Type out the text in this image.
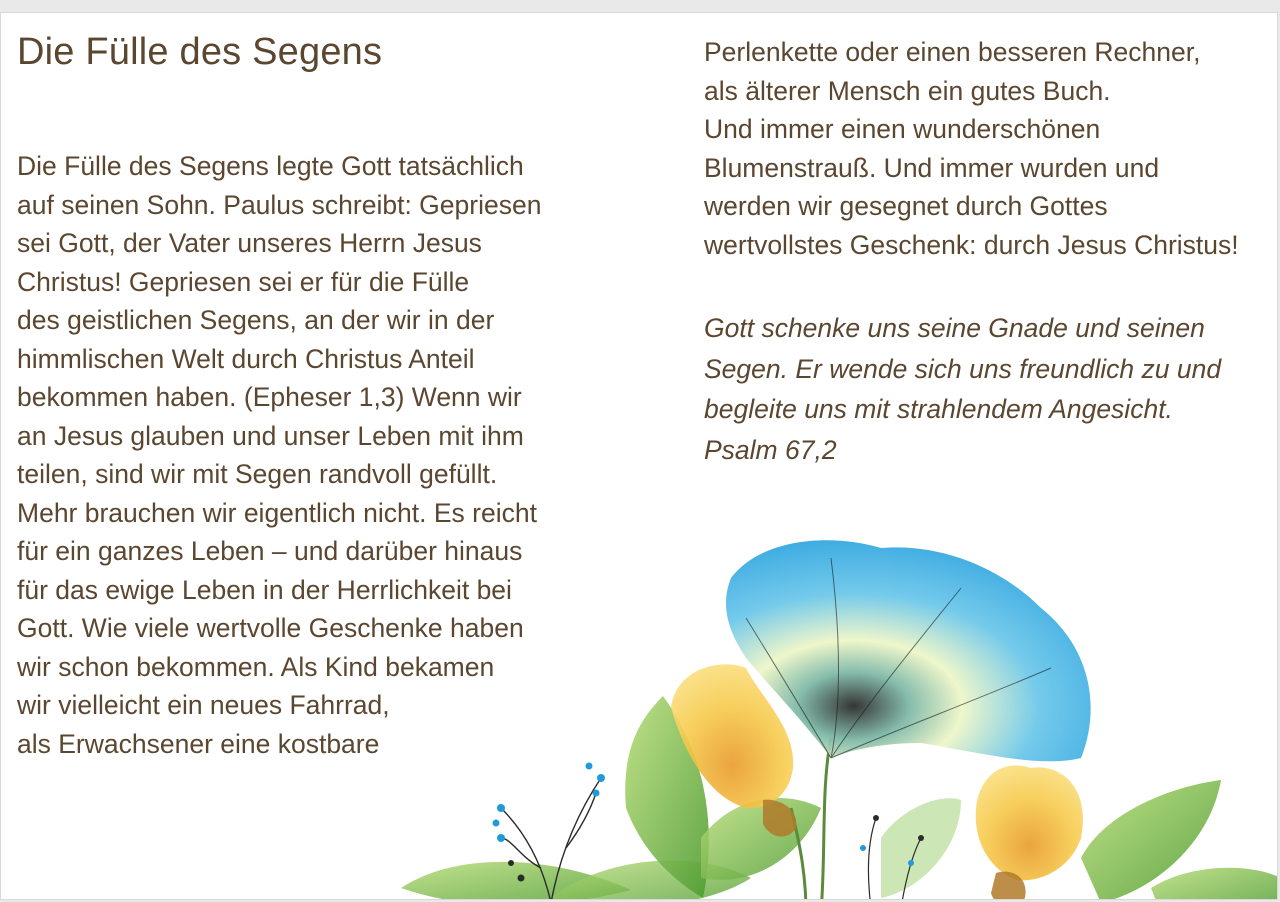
Die Fülle des Segens
Die Fülle des Segens legte Gott tatsächlich
auf seinen Sohn. Paulus schreibt: Gepriesen
sei Gott, der Vater unseres Herrn Jesus
Christus! Gepriesen sei er für die Fülle
des geistlichen Segens, an der wir in der
himmlischen Welt durch Christus Anteil
bekommen haben. (Epheser 1,3) Wenn wir
an Jesus glauben und unser Leben mit ihm
teilen, sind wir mit Segen randvoll gefüllt.
Mehr brauchen wir eigentlich nicht. Es reicht
für ein ganzes Leben – und darüber hinaus
für das ewige Leben in der Herrlichkeit bei
Gott. Wie viele wertvolle Geschenke haben
wir schon bekommen. Als Kind bekamen
wir vielleicht ein neues Fahrrad,
als Erwachsener eine kostbare
Perlenkette oder einen besseren Rechner,
als älterer Mensch ein gutes Buch.
Und immer einen wunderschönen
Blumenstrauß. Und immer wurden und
werden wir gesegnet durch Gottes
wertvollstes Geschenk: durch Jesus Christus!
Gott schenke uns seine Gnade und seinen
Segen. Er wende sich uns freundlich zu und
begleite uns mit strahlendem Angesicht.
Psalm 67,2
